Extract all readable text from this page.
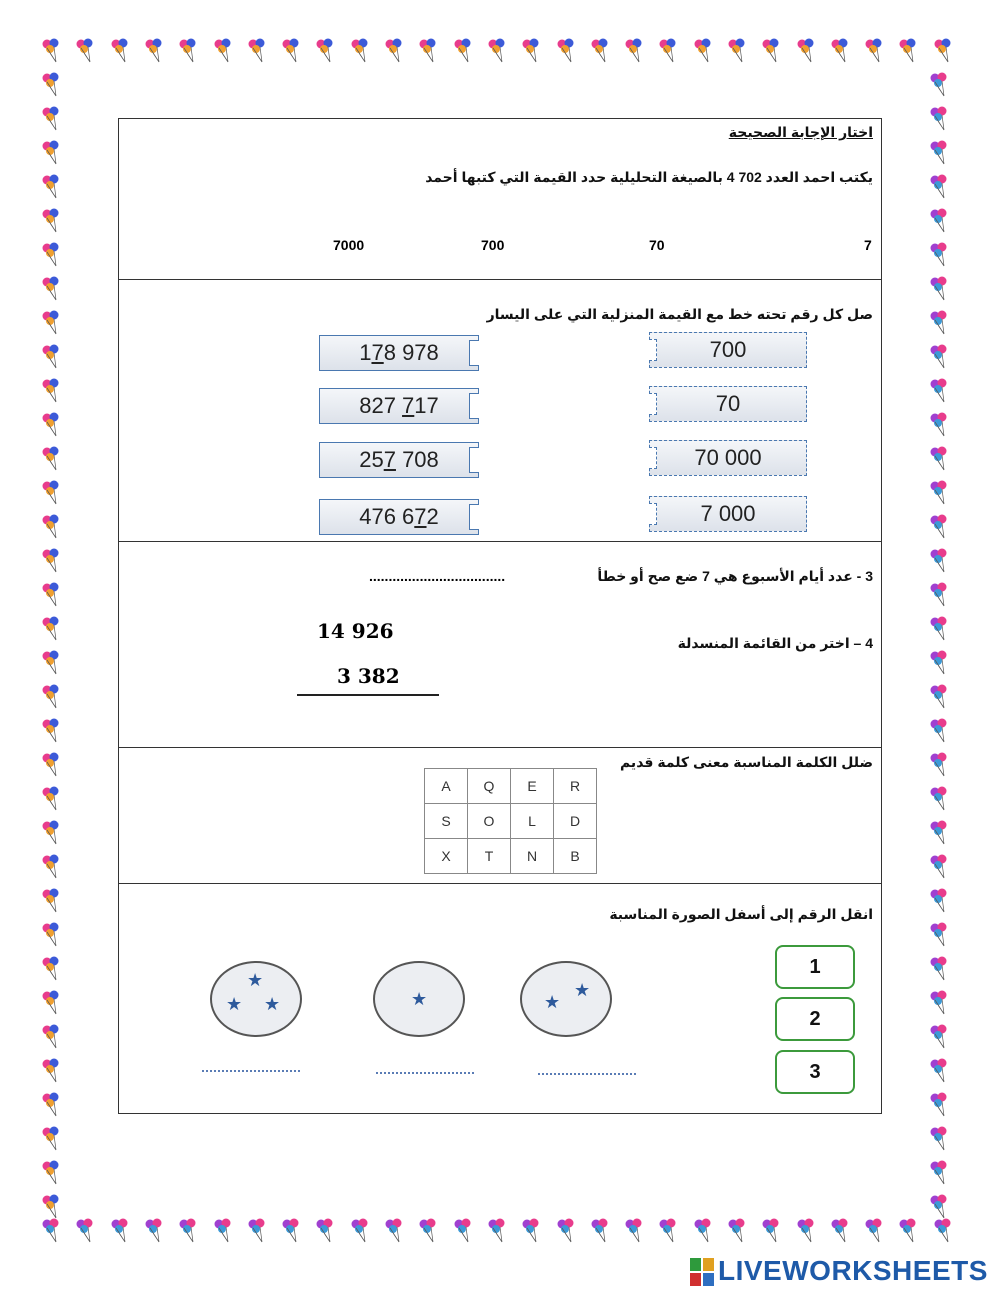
اختار الإجابة الصحيحة
يكتب احمد العدد 702 4 بالصيغة التحليلية حدد القيمة التي كتبها أحمد
7
70
700
7000
صل كل رقم تحته خط مع القيمة المنزلية التي على اليسار
178 978
827 717
257 708
476 672
700
70
70 000
7 000
3 - عدد أيام الأسبوع هي 7 ضع صح أو خطأ
...................................
4 – اختر من القائمة المنسدلة
14 926
3 382
ضلل الكلمة المناسبة معنى كلمة قديم
A	Q	E	R
S	O	L	D
X	T	N	B
انقل الرقم إلى أسفل الصورة المناسبة
★
★ ★	★	★
★
1
2
3
LIVEWORKSHEETS
